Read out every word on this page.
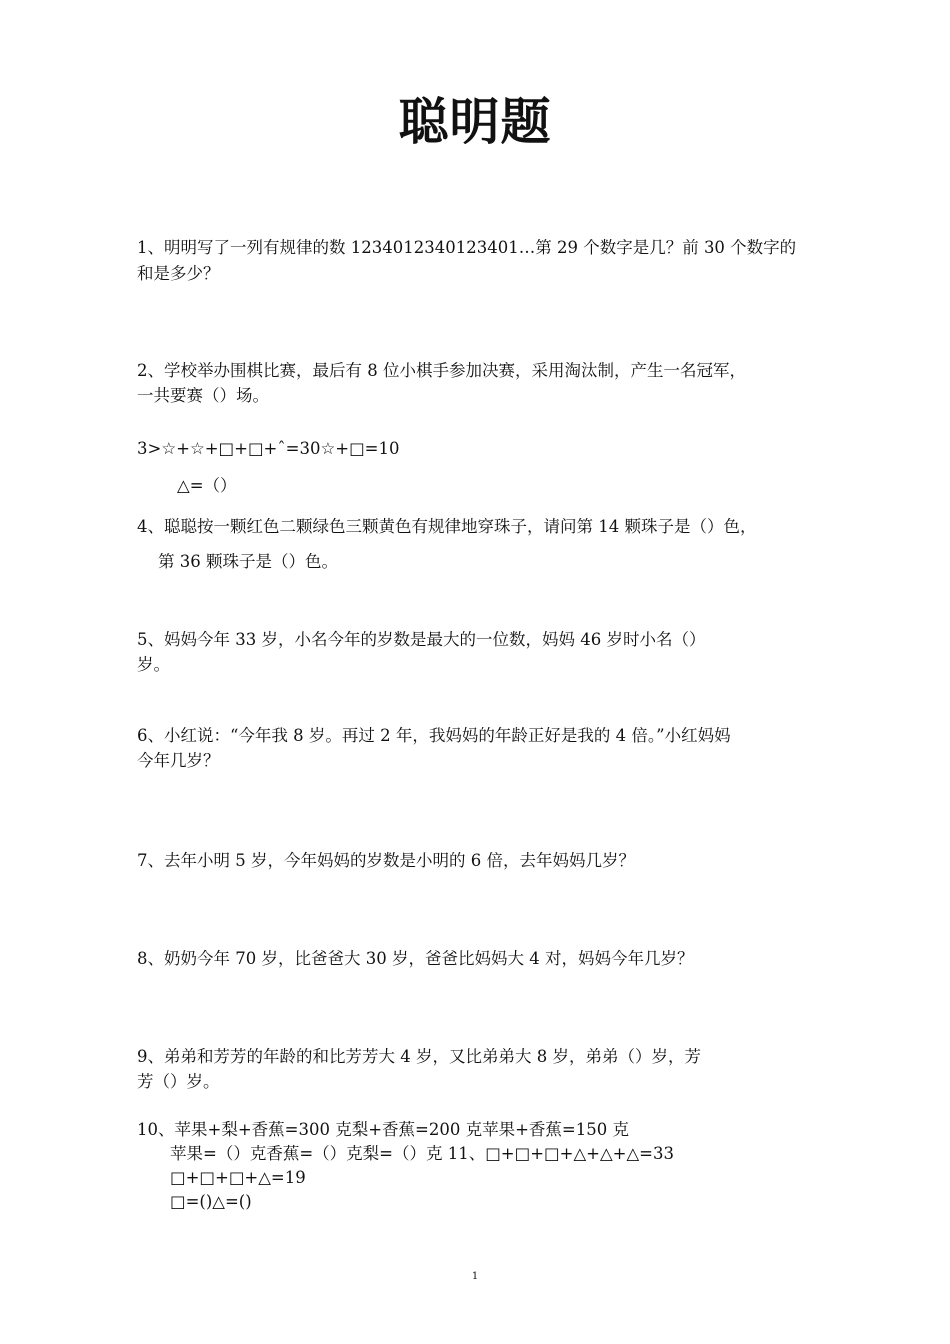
聪明题
1、明明写了一列有规律的数 1234012340123401…第 29 个数字是几？前 30 个数字的
和是多少？
2、学校举办围棋比赛，最后有 8 位小棋手参加决赛，采用淘汰制，产生一名冠军，
一共要赛（）场。
3>☆+☆+□+□+ˆ=30☆+□=10
△=（）
4、聪聪按一颗红色二颗绿色三颗黄色有规律地穿珠子，请问第 14 颗珠子是（）色，
第 36 颗珠子是（）色。
5、妈妈今年 33 岁，小名今年的岁数是最大的一位数，妈妈 46 岁时小名（）
岁。
6、小红说：“今年我 8 岁。再过 2 年，我妈妈的年龄正好是我的 4 倍。”小红妈妈
今年几岁？
7、去年小明 5 岁，今年妈妈的岁数是小明的 6 倍，去年妈妈几岁？
8、奶奶今年 70 岁，比爸爸大 30 岁，爸爸比妈妈大 4 对，妈妈今年几岁？
9、弟弟和芳芳的年龄的和比芳芳大 4 岁，又比弟弟大 8 岁，弟弟（）岁，芳
芳（）岁。
10、苹果+梨+香蕉=300 克梨+香蕉=200 克苹果+香蕉=150 克
苹果=（）克香蕉=（）克梨=（）克 11、□+□+□+△+△+△=33
□+□+□+△=19
□=()△=()
1
